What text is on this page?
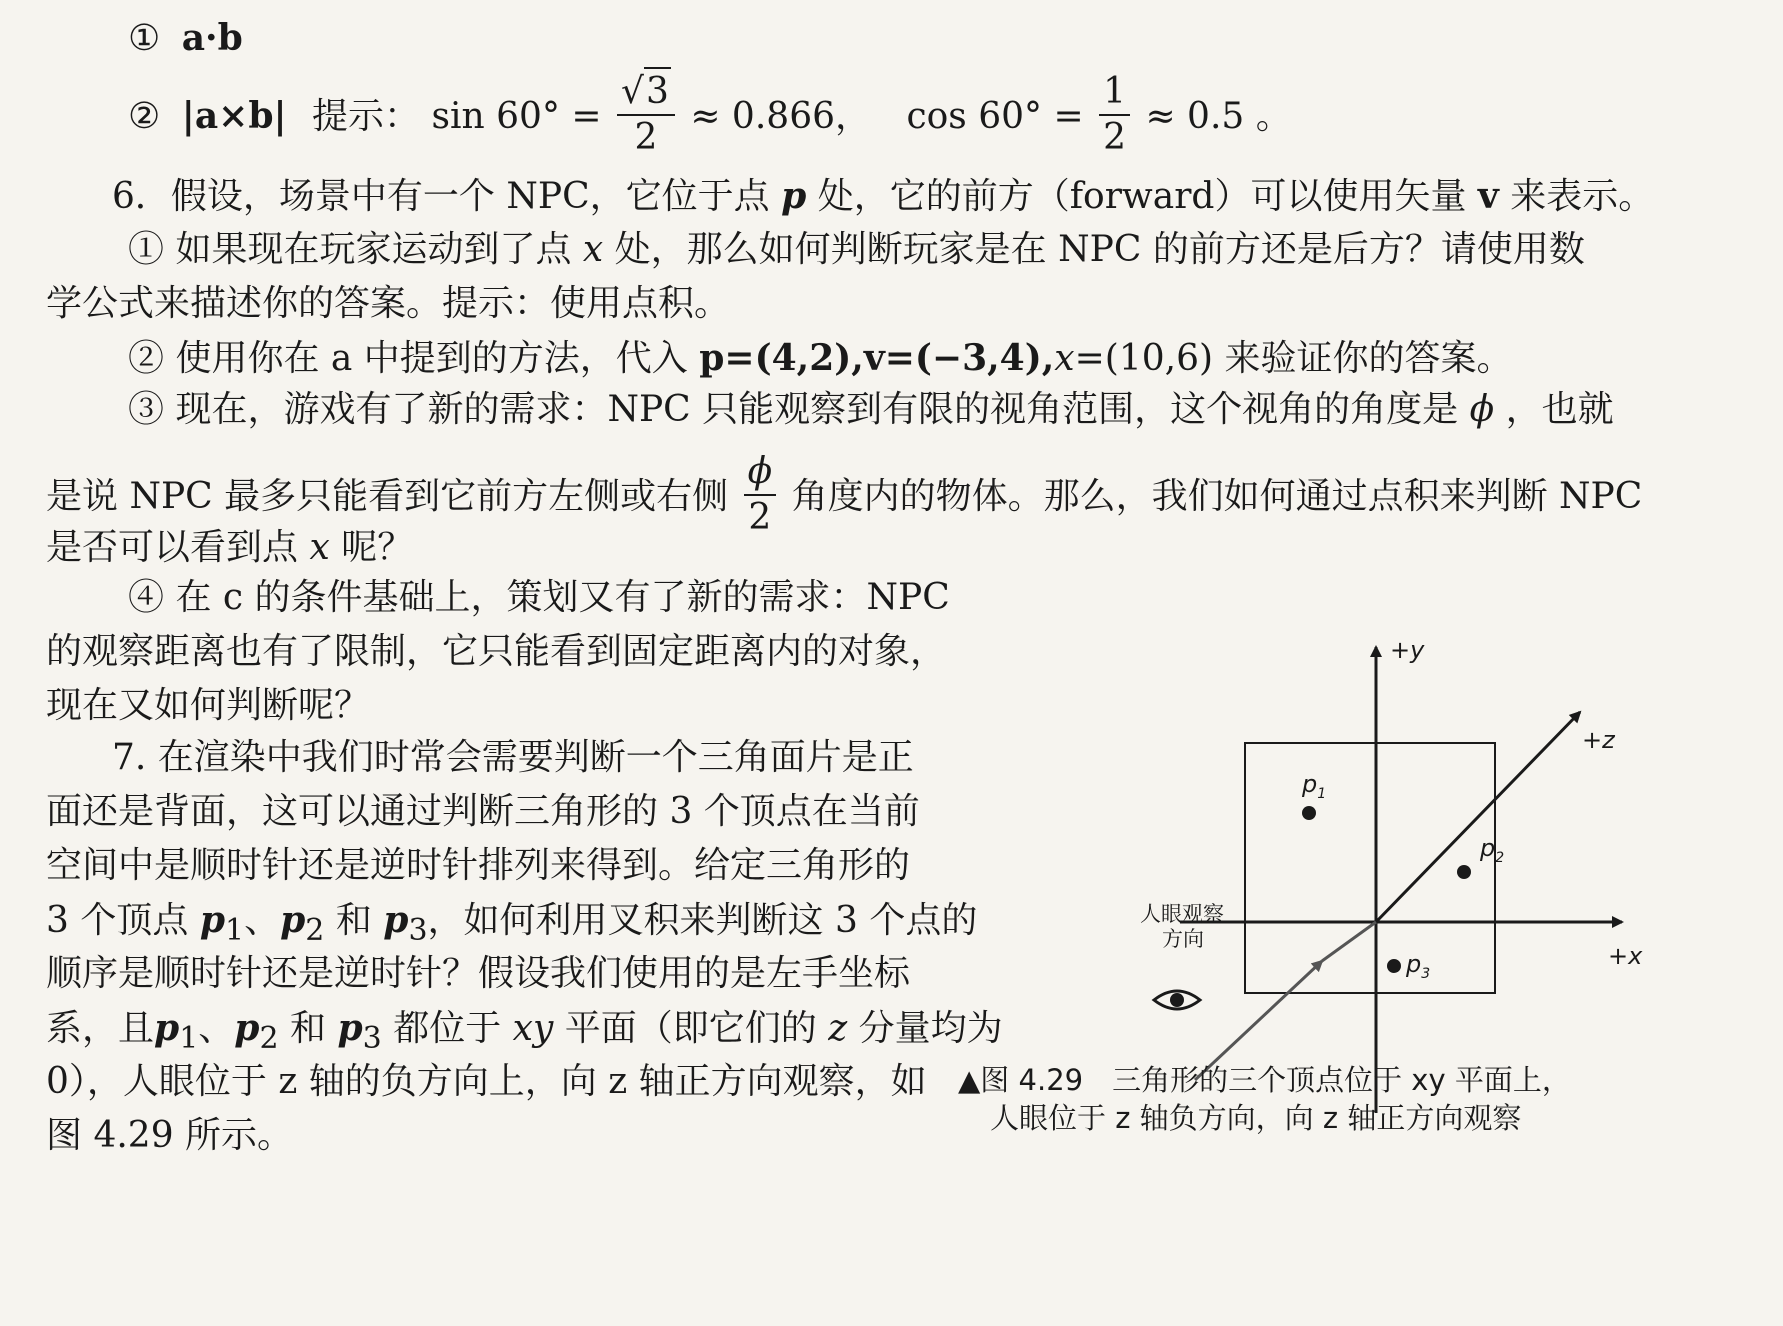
① a·b
② |a×b| 提示： $\sin 60^\circ = \frac{√3}{2} \approx 0.866$， $\cos 60^\circ = \frac{1}{2} \approx 0.5$ 。
6．假设，场景中有一个 NPC，它位于点 p 处，它的前方（forward）可以使用矢量 v 来表示。
① 如果现在玩家运动到了点 x 处，那么如何判断玩家是在 NPC 的前方还是后方？请使用数
学公式来描述你的答案。提示：使用点积。
② 使用你在 a 中提到的方法，代入 p=(4,2),v=(−3,4),x=(10,6) 来验证你的答案。
③ 现在，游戏有了新的需求：NPC 只能观察到有限的视角范围，这个视角的角度是 ϕ ，也就
是说 NPC 最多只能看到它前方左侧或右侧 $\frac{\phi}{2}$ 角度内的物体。那么，我们如何通过点积来判断 NPC
是否可以看到点 x 呢？
④ 在 c 的条件基础上，策划又有了新的需求：NPC
的观察距离也有了限制，它只能看到固定距离内的对象，
现在又如何判断呢？
7. 在渲染中我们时常会需要判断一个三角面片是正
面还是背面，这可以通过判断三角形的 3 个顶点在当前
空间中是顺时针还是逆时针排列来得到。给定三角形的
3 个顶点 $p_1$、$p_2$ 和 $p_3$，如何利用叉积来判断这 3 个点的
顺序是顺时针还是逆时针？假设我们使用的是左手坐标
系，且$p_1$、$p_2$ 和 $p_3$ 都位于 xy 平面（即它们的 z 分量均为
0），人眼位于 z 轴的负方向上，向 z 轴正方向观察，如
图 4.29 所示。
+y
+z
+x
$p_1$
$p_2$
$p_3$
人眼观察
方向
▲图 4.29　三角形的三个顶点位于 xy 平面上，
人眼位于 z 轴负方向，向 z 轴正方向观察
